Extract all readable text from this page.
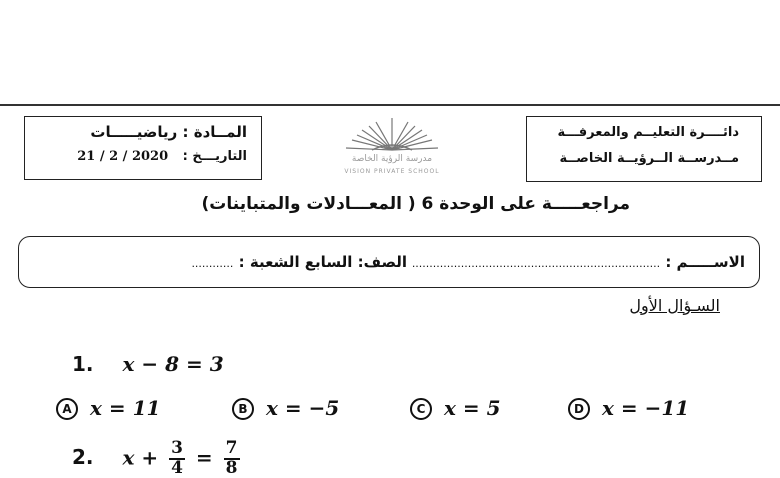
دائــــرة التعليــم والمعرفـــة
مــدرســة الــرؤيــة الخاصــة
مدرسة الرؤية الخاصة
VISION PRIVATE SCHOOL
المــادة : رياضيـــــات
التاريـــخ : 21 / 2 / 2020
مراجعـــــة على الوحدة 6 ( المعـــادلات والمتباينات)
الاســـــم : .......................................................................
الصف: السابع الشعبة : ............
السـؤال الأول
1. x − 8 = 3
A x = 11	B x = −5	C x = 5	D x = −11
2. $x + \frac{3}{4} = \frac{7}{8}$
